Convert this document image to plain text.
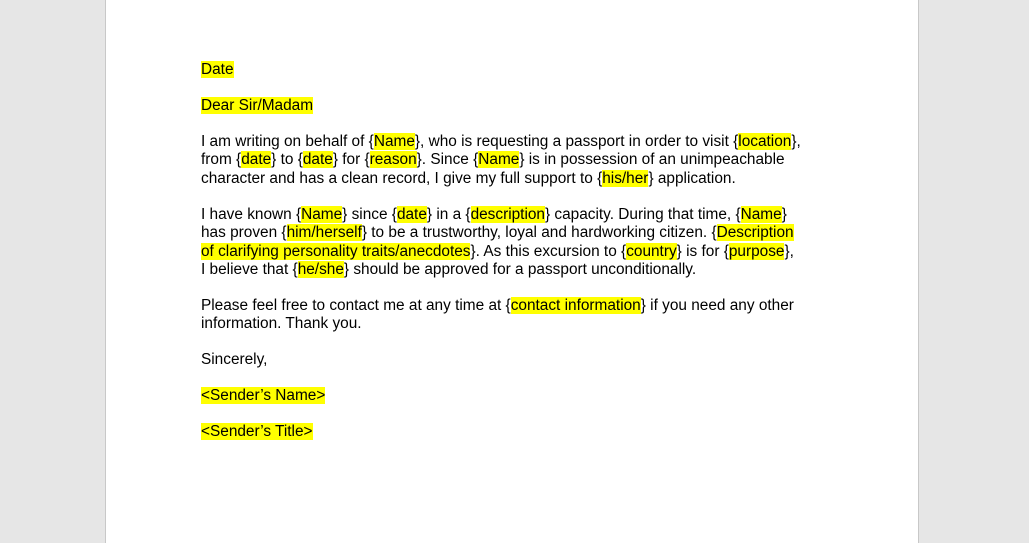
Date
Dear Sir/Madam
I am writing on behalf of {Name}, who is requesting a passport in order to visit {location},
from {date} to {date} for {reason}. Since {Name} is in possession of an unimpeachable
character and has a clean record, I give my full support to {his/her} application.
I have known {Name} since {date} in a {description} capacity. During that time, {Name}
has proven {him/herself} to be a trustworthy, loyal and hardworking citizen. {Description
of clarifying personality traits/anecdotes}. As this excursion to {country} is for {purpose},
I believe that {he/she} should be approved for a passport unconditionally.
Please feel free to contact me at any time at {contact information} if you need any other
information. Thank you.
Sincerely,
<Sender’s Name>
<Sender’s Title>
